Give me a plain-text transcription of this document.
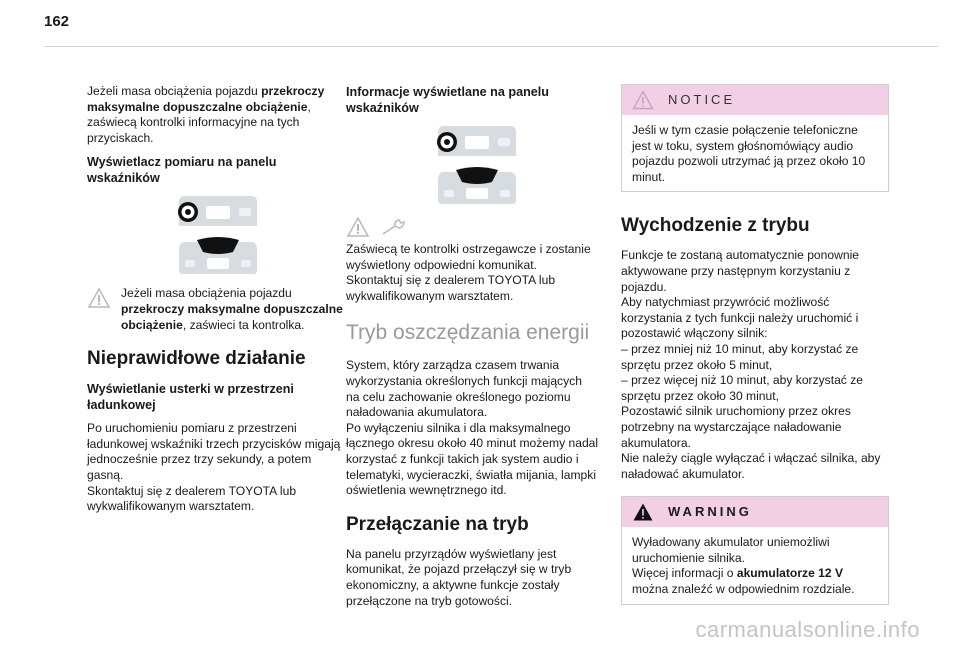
162

Jeżeli masa obciążenia pojazdu przekroczy
maksymalne dopuszczalne obciążenie,
zaświecą kontrolki informacyjne na tych
przyciskach.

Wyświetlacz pomiaru na panelu
wskaźników

Jeżeli masa obciążenia pojazdu
przekroczy maksymalne dopuszczalne
obciążenie, zaświeci ta kontrolka.

Nieprawidłowe działanie
Wyświetlanie usterki w przestrzeni
ładunkowej

Po uruchomieniu pomiaru z przestrzeni
ładunkowej wskaźniki trzech przycisków migają
jednocześnie przez trzy sekundy, a potem
gasną.
Skontaktuj się z dealerem TOYOTA lub
wykwalifikowanym warsztatem.

Informacje wyświetlane na panelu
wskaźników

Zaświecą te kontrolki ostrzegawcze i zostanie
wyświetlony odpowiedni komunikat.
Skontaktuj się z dealerem TOYOTA lub
wykwalifikowanym warsztatem.

Tryb oszczędzania energii

System, który zarządza czasem trwania
wykorzystania określonych funkcji mających
na celu zachowanie określonego poziomu
naładowania akumulatora.
Po wyłączeniu silnika i dla maksymalnego
łącznego okresu około 40 minut możemy nadal
korzystać z funkcji takich jak system audio i
telematyki, wycieraczki, światła mijania, lampki
oświetlenia wewnętrznego itd.

Przełączanie na tryb

Na panelu przyrządów wyświetlany jest
komunikat, że pojazd przełączył się w tryb
ekonomiczny, a aktywne funkcje zostały
przełączone na tryb gotowości.

NOTICE

Jeśli w tym czasie połączenie telefoniczne
jest w toku, system głośnomówiący audio
pojazdu pozwoli utrzymać ją przez około 10
minut.

Wychodzenie z trybu

Funkcje te zostaną automatycznie ponownie
aktywowane przy następnym korzystaniu z
pojazdu.
Aby natychmiast przywrócić możliwość
korzystania z tych funkcji należy uruchomić i
pozostawić włączony silnik:
– przez mniej niż 10 minut, aby korzystać ze
sprzętu przez około 5 minut,
– przez więcej niż 10 minut, aby korzystać ze
sprzętu przez około 30 minut,
Pozostawić silnik uruchomiony przez okres
potrzebny na wystarczające naładowanie
akumulatora.
Nie należy ciągle wyłączać i włączać silnika, aby
naładować akumulator.

WARNING

Wyładowany akumulator uniemożliwi
uruchomienie silnika.
Więcej informacji o akumulatorze 12 V
można znaleźć w odpowiednim rozdziale.

carmanualsonline.info
